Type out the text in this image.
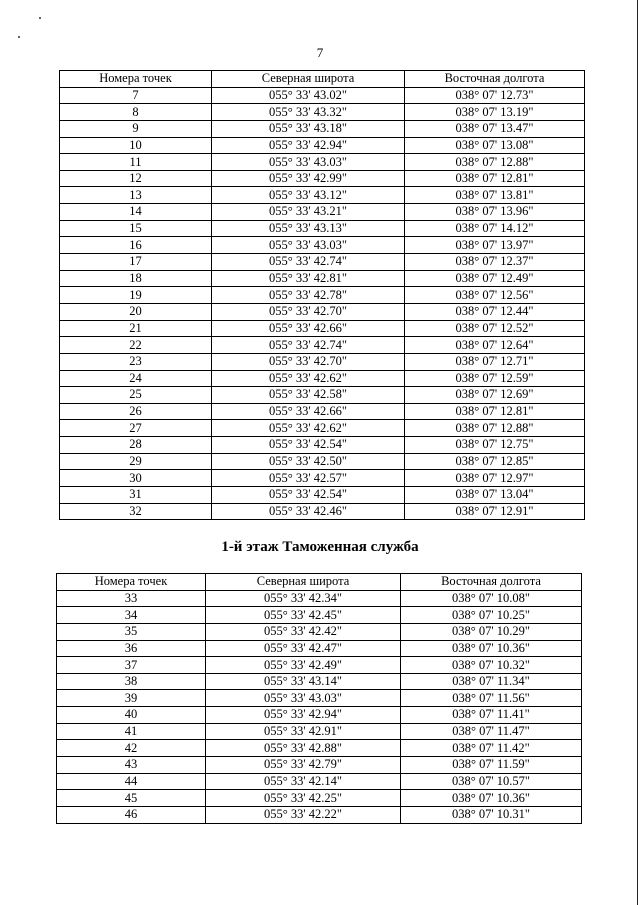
7
Номера точек	Северная широта	Восточная долгота
7	055° 33' 43.02"	038° 07' 12.73"
8	055° 33' 43.32"	038° 07' 13.19"
9	055° 33' 43.18"	038° 07' 13.47"
10	055° 33' 42.94"	038° 07' 13.08"
11	055° 33' 43.03"	038° 07' 12.88"
12	055° 33' 42.99"	038° 07' 12.81"
13	055° 33' 43.12"	038° 07' 13.81"
14	055° 33' 43.21"	038° 07' 13.96"
15	055° 33' 43.13"	038° 07' 14.12"
16	055° 33' 43.03"	038° 07' 13.97"
17	055° 33' 42.74"	038° 07' 12.37"
18	055° 33' 42.81"	038° 07' 12.49"
19	055° 33' 42.78"	038° 07' 12.56"
20	055° 33' 42.70"	038° 07' 12.44"
21	055° 33' 42.66"	038° 07' 12.52"
22	055° 33' 42.74"	038° 07' 12.64"
23	055° 33' 42.70"	038° 07' 12.71"
24	055° 33' 42.62"	038° 07' 12.59"
25	055° 33' 42.58"	038° 07' 12.69"
26	055° 33' 42.66"	038° 07' 12.81"
27	055° 33' 42.62"	038° 07' 12.88"
28	055° 33' 42.54"	038° 07' 12.75"
29	055° 33' 42.50"	038° 07' 12.85"
30	055° 33' 42.57"	038° 07' 12.97"
31	055° 33' 42.54"	038° 07' 13.04"
32	055° 33' 42.46"	038° 07' 12.91"
1-й этаж Таможенная служба
Номера точек	Северная широта	Восточная долгота
33	055° 33' 42.34"	038° 07' 10.08"
34	055° 33' 42.45"	038° 07' 10.25"
35	055° 33' 42.42"	038° 07' 10.29"
36	055° 33' 42.47"	038° 07' 10.36"
37	055° 33' 42.49"	038° 07' 10.32"
38	055° 33' 43.14"	038° 07' 11.34"
39	055° 33' 43.03"	038° 07' 11.56"
40	055° 33' 42.94"	038° 07' 11.41"
41	055° 33' 42.91"	038° 07' 11.47"
42	055° 33' 42.88"	038° 07' 11.42"
43	055° 33' 42.79"	038° 07' 11.59"
44	055° 33' 42.14"	038° 07' 10.57"
45	055° 33' 42.25"	038° 07' 10.36"
46	055° 33' 42.22"	038° 07' 10.31"
